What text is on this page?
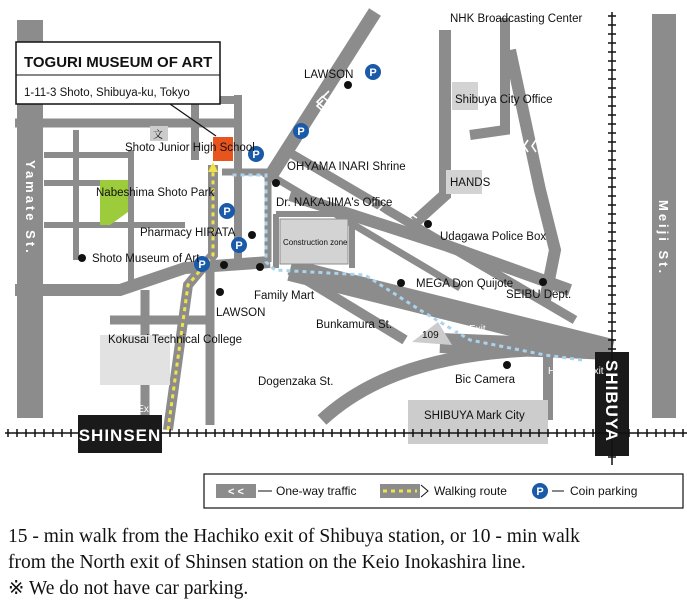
P
P
P
P
P
P
TOGURI MUSEUM OF ART
1-11-3 Shoto, Shibuya-ku, Tokyo
NHK Broadcasting Center
LAWSON
Shibuya City Office
文
Shoto Junior High School
OHYAMA INARI Shrine
HANDS
Nabeshima Shoto Park
Dr. NAKAJIMA's Office
Construction zone	Udagawa Police Box
Pharmacy HIRATA
Shoto Museum of Art
MEGA Don Quijote
SEIBU Dept.
Family Mart
LAWSON
Kokusai Technical College
Bunkamura St.
109
A2 Exit
Bic Camera
Hachiko Exit
Dogenzaka St.
SHIBUYA Mark City
North Exit
Yamate St.	Meiji St.
SHIBUYA
SHINSEN
< <	One-way traffic	Walking route	P Coin parking
15 - min walk from the Hachiko exit of Shibuya station, or 10 - min walk
from the North exit of Shinsen station on the Keio Inokashira line.
※ We do not have car parking.
